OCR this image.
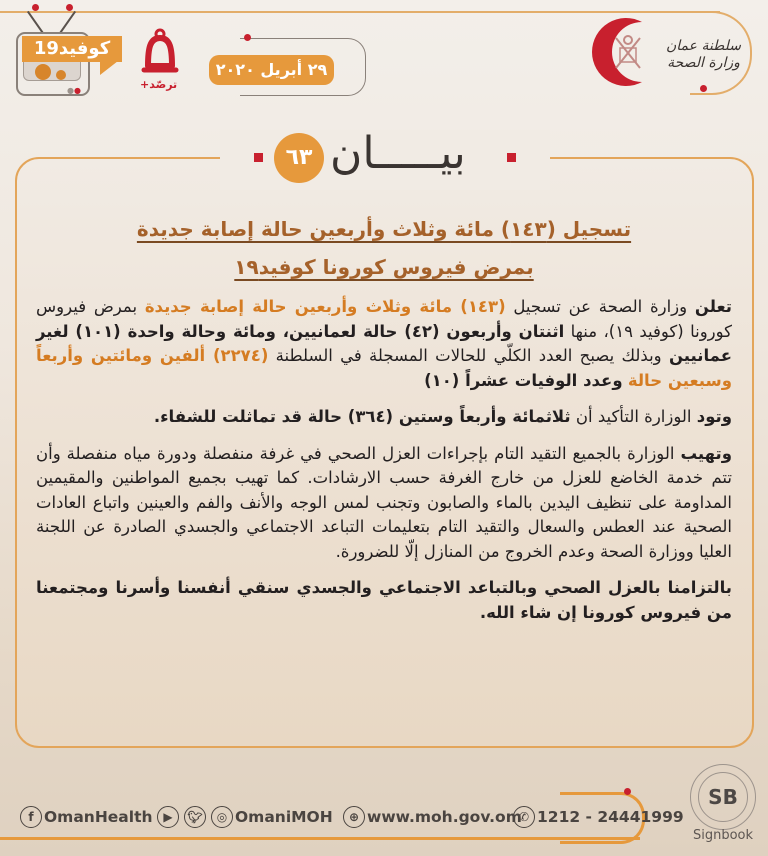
كوفيد19
●●	ترصّد+
٢٩ أبريل ٢٠٢٠
سلطنة عمان
وزارة الصحة
بيـــــان
٦٣
تسجيل (١٤٣) مائة وثلاث وأربعين حالة إصابة جديدة
بمرض فيروس كورونا كوفيد١٩

تعلن وزارة الصحة عن تسجيل (١٤٣) مائة وثلاث وأربعين حالة إصابة جديدة بمرض فيروس كورونا (كوفيد ١٩)، منها اثنتان وأربعون (٤٢) حالة لعمانيين، ومائة وحالة واحدة (١٠١) لغير عمانيين وبذلك يصبح العدد الكلّي للحالات المسجلة في السلطنة (٢٢٧٤) ألفين ومائتين وأربعاً وسبعين حالة وعدد الوفيات عشراً (١٠)

وتود الوزارة التأكيد أن ثلاثمائة وأربعاً وستين (٣٦٤) حالة قد تماثلت للشفاء.

وتهيب الوزارة بالجميع التقيد التام بإجراءات العزل الصحي في غرفة منفصلة ودورة مياه منفصلة وأن تتم خدمة الخاضع للعزل من خارج الغرفة حسب الارشادات. كما تهيب بجميع المواطنين والمقيمين المداومة على تنظيف اليدين بالماء والصابون وتجنب لمس الوجه والأنف والفم والعينين واتباع العادات الصحية عند العطس والسعال والتقيد التام بتعليمات التباعد الاجتماعي والجسدي الصادرة عن اللجنة العليا ووزارة الصحة وعدم الخروج من المنازل إلّا للضرورة.

بالتزامنا بالعزل الصحي وبالتباعد الاجتماعي والجسدي سنقي أنفسنا وأسرنا ومجتمعنا من فيروس كورونا إن شاء الله.

f OmanHealth ▶	🐦︎	◎ OmaniMOH	⊕ www.moh.gov.om
✆ 1212 - 24441999
SB
Signbook
